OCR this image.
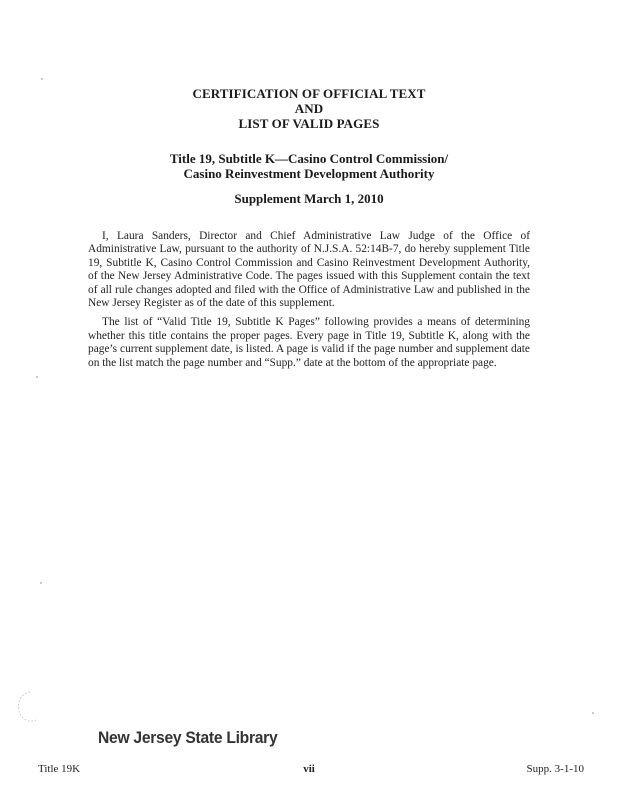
CERTIFICATION OF OFFICIAL TEXT
AND
LIST OF VALID PAGES
Title 19, Subtitle K—Casino Control Commission/
Casino Reinvestment Development Authority
Supplement March 1, 2010

I, Laura Sanders, Director and Chief Administrative Law Judge of the Office of Administrative Law, pursuant to the authority of N.J.S.A. 52:14B-7, do hereby supplement Title 19, Subtitle K, Casino Control Commission and Casino Reinvestment Development Authority, of the New Jersey Administrative Code. The pages issued with this Supplement contain the text of all rule changes adopted and filed with the Office of Administrative Law and published in the New Jersey Register as of the date of this supplement.

The list of “Valid Title 19, Subtitle K Pages” following provides a means of determining whether this title contains the proper pages. Every page in Title 19, Subtitle K, along with the page’s current supplement date, is listed. A page is valid if the page number and supplement date on the list match the page number and “Supp.” date at the bottom of the appropriate page.

New Jersey State Library
Title 19K	vii	Supp. 3-1-10
